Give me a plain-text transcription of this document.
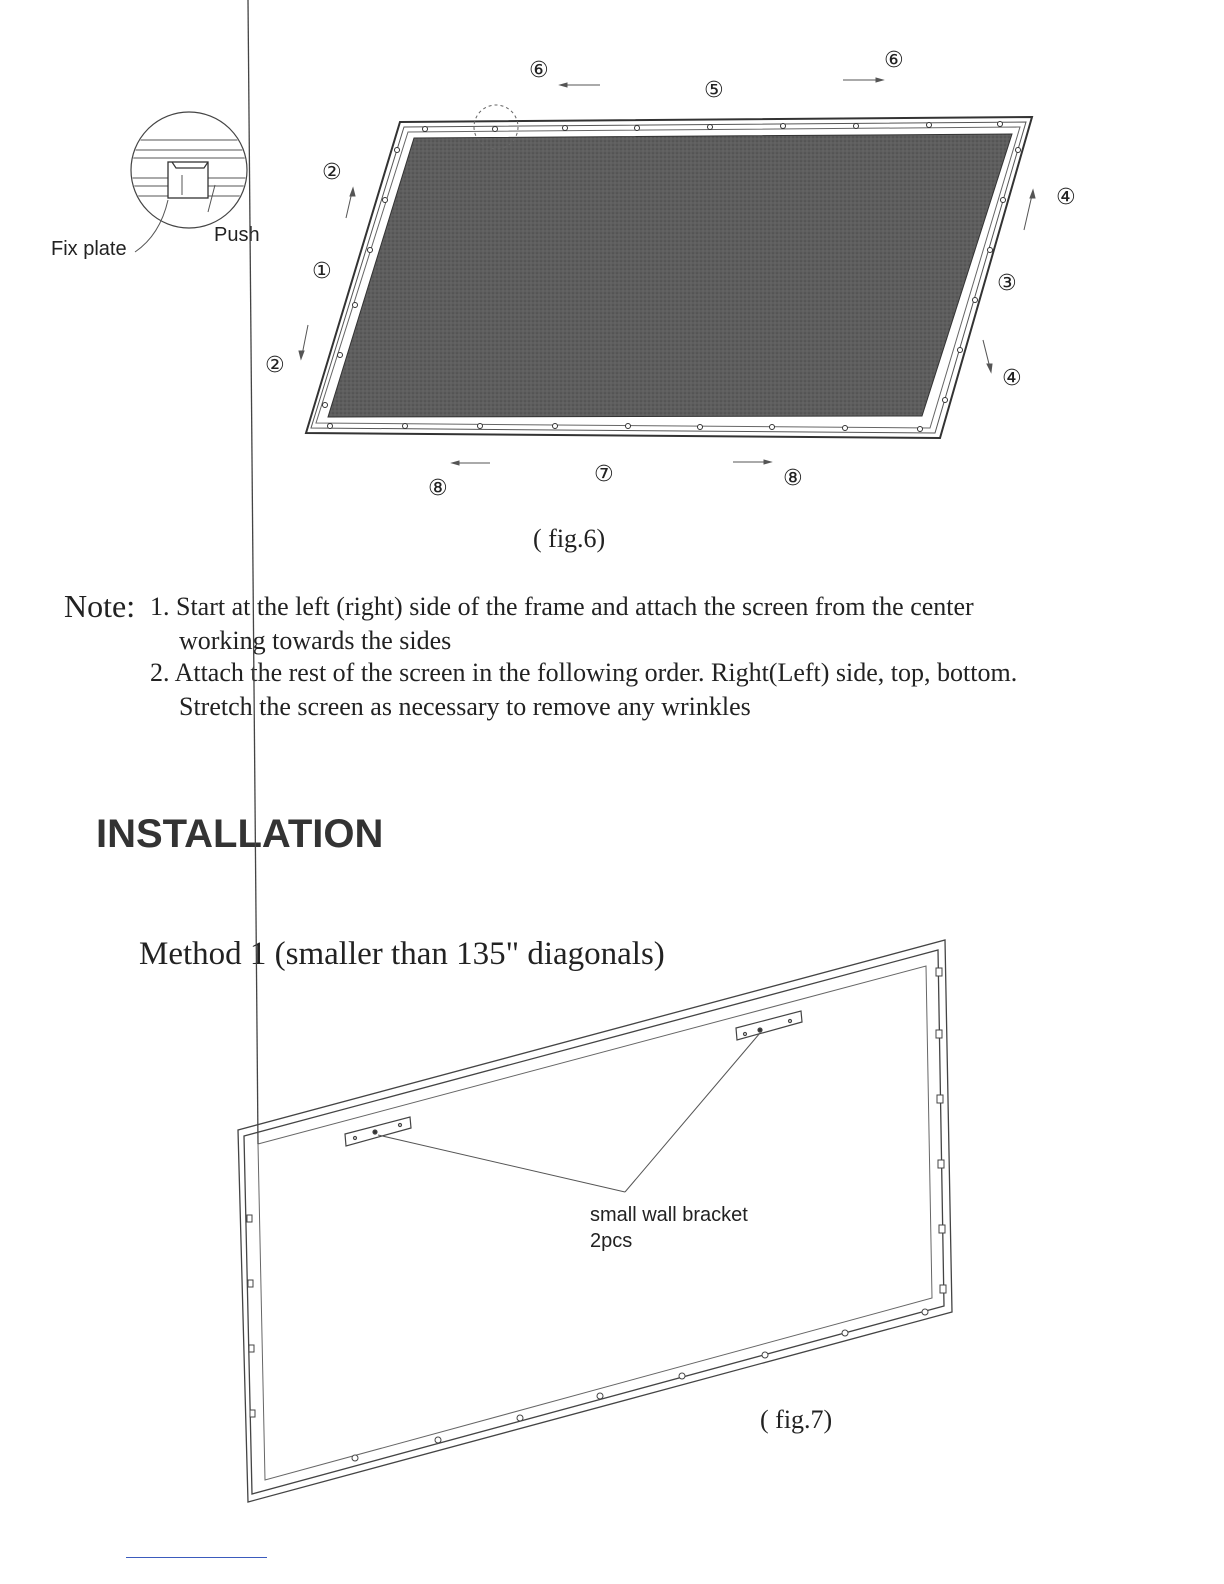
Fix plate
Push
⑥	⑥
⑤
②
①
②
④
③
④
⑦
⑧	⑧
( fig.6)
Note: 1. Start at the left (right) side of the frame and attach the screen from the center
working towards the sides
2. Attach the rest of the screen in the following order. Right(Left) side, top, bottom.
Stretch the screen as necessary to remove any wrinkles
INSTALLATION
Method 1 (smaller than 135" diagonals)
small wall bracket
2pcs
( fig.7)
